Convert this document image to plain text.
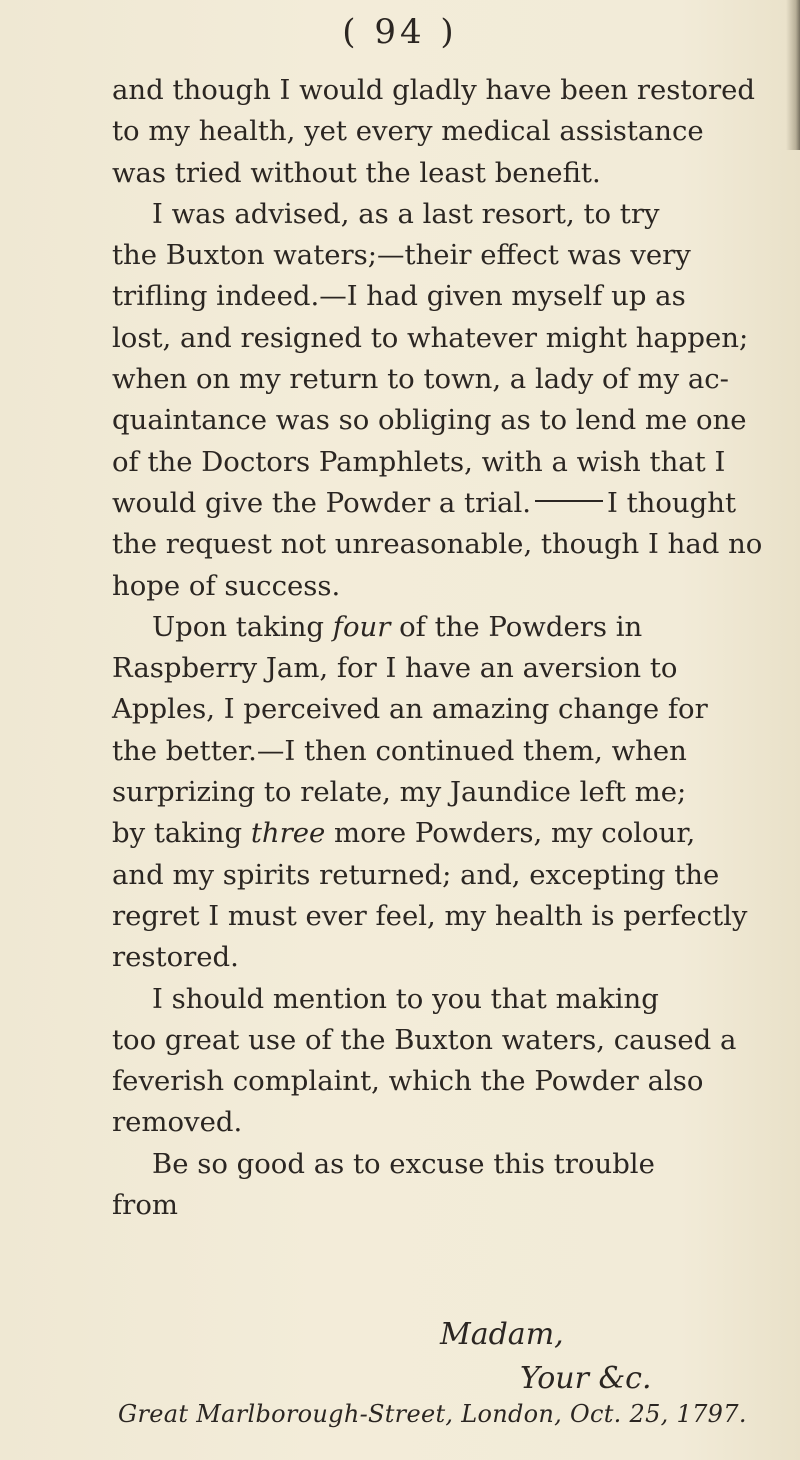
( 94 )
and though I would gladly have been restored
to my health, yet every medical assistance
was tried without the least benefit.
I was advised, as a last resort, to try
the Buxton waters;—their effect was very
trifling indeed.—I had given myself up as
lost, and resigned to whatever might happen;
when on my return to town, a lady of my ac-
quaintance was so obliging as to lend me one
of the Doctors Pamphlets, with a wish that I
would give the Powder a trial.	I thought
the request not unreasonable, though I had no
hope of success.
Upon taking four of the Powders in
Raspberry Jam, for I have an aversion to
Apples, I perceived an amazing change for
the better.—I then continued them, when
surprizing to relate, my Jaundice left me;
by taking three more Powders, my colour,
and my spirits returned; and, excepting the
regret I must ever feel, my health is perfectly
restored.
I should mention to you that making
too great use of the Buxton waters, caused a
feverish complaint, which the Powder also
removed.
Be so good as to excuse this trouble
from
Madam,
Your &c.
Great Marlborough-Street, London, Oct. 25, 1797.
